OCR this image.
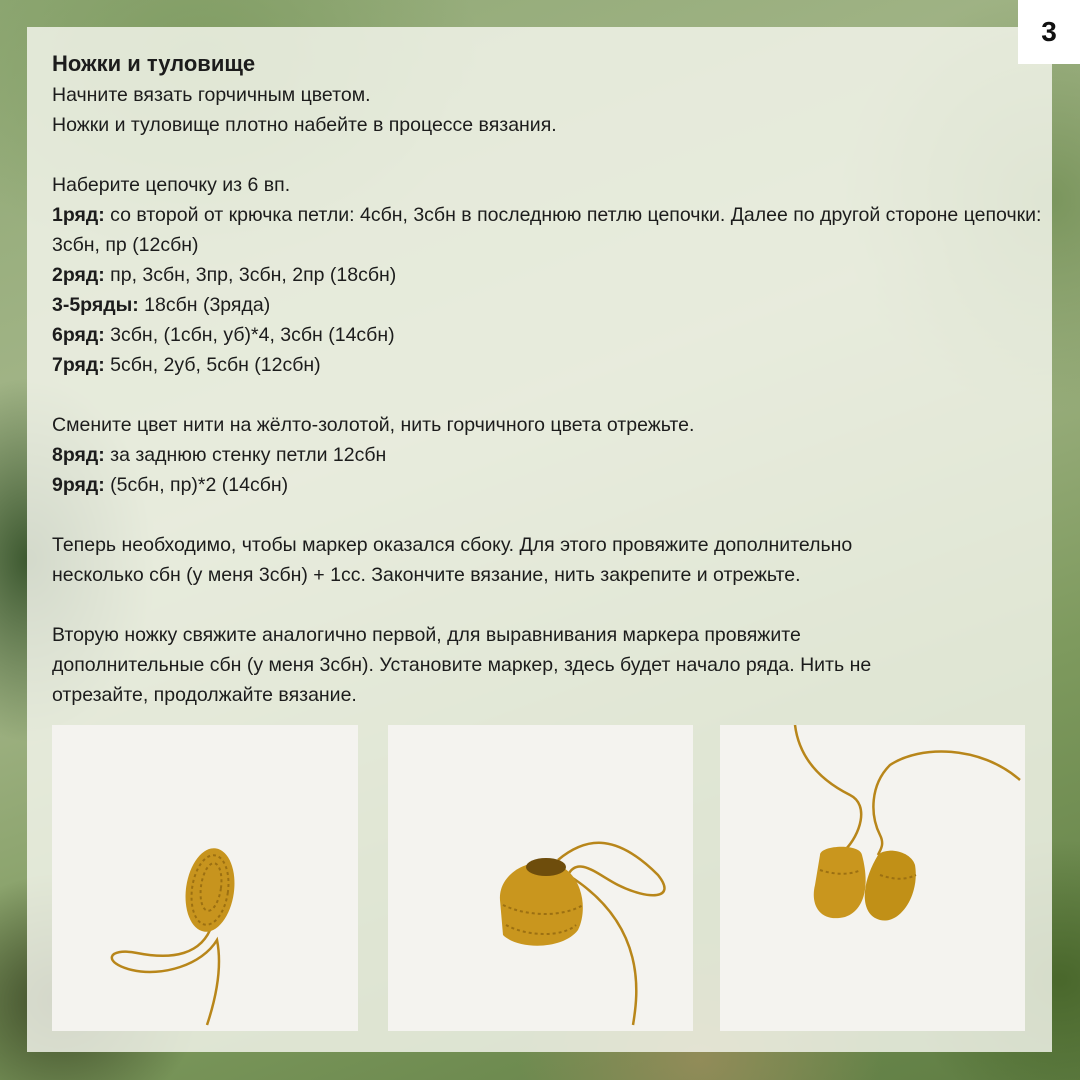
3
Ножки и туловище
Начните вязать горчичным цветом.
Ножки и туловище плотно набейте в процессе вязания.
Наберите цепочку из 6 вп.
1ряд: со второй от крючка петли: 4сбн, 3сбн в последнюю петлю цепочки. Далее по другой стороне цепочки: 3сбн, пр (12сбн)
2ряд: пр, 3сбн, 3пр, 3сбн, 2пр (18сбн)
3-5ряды: 18сбн (3ряда)
6ряд: 3сбн, (1сбн, уб)*4, 3сбн (14сбн)
7ряд: 5сбн, 2уб, 5сбн (12сбн)
Смените цвет нити на жёлто-золотой, нить горчичного цвета отрежьте.
8ряд: за заднюю стенку петли 12сбн
9ряд: (5сбн, пр)*2 (14сбн)
Теперь необходимо, чтобы маркер оказался сбоку. Для этого провяжите дополнительно
несколько сбн (у меня 3сбн) + 1сс. Закончите вязание, нить закрепите и отрежьте.
Вторую ножку свяжите аналогично первой, для выравнивания маркера провяжите
дополнительные сбн (у меня 3сбн). Установите маркер, здесь будет начало ряда. Нить не
отрезайте, продолжайте вязание.
